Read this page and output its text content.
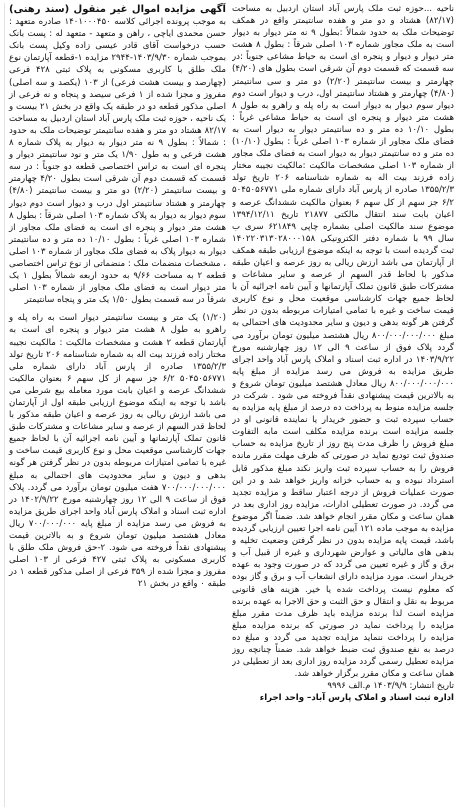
آگهی مزایده اموال غیر منقول (سند رهنی) به موجب پرونده اجرائی کلاسه ۱۴۰۱۰۰۰۴۵۰ صادره متعهد : حسن محمدی ایاچی ، راهن و متعهد - متعهد له : پست بانک حسب درخواست آقای قادر عیسی زاده وکیل پست بانک بموجب شماره ۱۴۰۳/۹/۳۰-۲۹۴۴ مزایده ۱-قطعه آپارتمان نوع ملک طلق با کاربری مسکونی به پلاک ثبتی ۴۲۸ فرعی (چهارصد و بیست هشت فرعی) از ۱۰۳ (یکصد و سه اصلی) مفروز و مجزا شده از ۱ فرعی سیصد و پنجاه و نه فرعی از اصلی مذکور قطعه دو در طبقه یک واقع در بخش ۲۱ بیست و یک ناحیه ، حوزه ثبت ملک پارس آباد استان اردبیل به مساحت ۸۲/۱۷ هشتاد دو متر و هفده سانتیمتر توضیحات ملک به حدود : شمالاً : بطول ۹ نه متر دیوار به دیوار به پلاک شماره ۸ هشت فرعی و به طول ۱/۹۰ یک متر و نود سانتیمتر دیوار و پنجره ای است به تراس اختصاصی قطعه دو جنوباً : در سه قسمت که قسمت دوم آن شرقی است بطول ۴/۲۰ چهارمتر و بیست سانتیمتر (۲/۲۰) دو متر و بیست سانتیمتر (۴/۸۰) چهارمتر و هشتاد سانتیمتر اول درب و دیوار است دوم دیوار سوم دیوار به دیوار به پلاک شماره ۱۰۳ اصلی شرقاً : بطول ۸ هشت متر دیوار و پنجره ای است به فضای ملک مجاور از شماره ۱۰۳ اصلی غرباً : بطول ۱۰/۱۰ ده متر و ده سانتیمتر دیوار به دیوار پلاک به فضای ملک مجاور از شماره ۱۰۳ اصلی ، مشخصات منضمات ملک : منضماتی از نوع تراس اختصاصی قطعه ۲ به مساحت ۹/۶۶ به حدود اربعه شمالاً بطول ۱ یک متر دیوار است به فضای ملک مجاور از شماره ۱۰۳ اصلی شرقاً در سه قسمت بطول ۱/۵۰ یک متر و پنجاه سانتیمتر

(۱/۲۰) یک متر و بیست سانتیمتر دیوار است به راه پله و راهرو به طول ۸ هشت متر دیوار و پنجره ای است به آپارتمان قطعه ۲ هشت و مشخصات مالکیت : مالکیت نجیبه مختار زاده فرزند بیت اله به شماره شناسنامه ۲۰۶ تاریخ تولد ۱۳۵۵/۲/۳ صادره از پارس آباد دارای شماره ملی ۵۰۴۵۰۵۶۷۷۱ ۶/۲ جز سهم از کل سهم ۶ بعنوان مالکیت ششدانگ عرصه و اعیان بابت مورد معامله بیع شرطی می باشد با توجه به اینکه موضوع ارزیابی طبقه اول از آپارتمان می باشد ارزش ریالی به روز عرصه و اعیان طبقه مذکور با لحاظ قدر السهم از عرصه و سایر مشاعات و مشترکات طبق قانون تملک آپارتمانها و آیین نامه اجرائیه آن با لحاظ جمیع جهات کارشناسی موقعیت محل و نوع کاربری قیمت ساخت و غیره با تمامی امتیازات مربوطه بدون در نظر گرفتن هر گونه بدهی و دیون و سایر محدودیت های احتمالی به مبلغ ۷۰۰/۰۰۰/۰۰۰/۰۰۰ هفت میلیون تومان برآورد می گردد. پلاک فوق از ساعت ۹ الی ۱۲ روز چهارشنبه مورخ ۱۴۰۲/۹/۲۲ در اداره ثبت اسناد و املاک پارس آباد واحد اجرای طریق مزایده به فروش می رسد مزایده از مبلغ پایه ۷۰۰/۰۰۰/۰۰۰ ریال معادل هشتصد میلیون تومان شروع و به بالاترین قیمت پیشنهادی نقداً فروخته می شود. ۲-حق فروش ملک طلق با کاربری مسکونی به پلاک ثبتی ۴۲۷ فرعی از ۱۰۳ اصلی مفروز و مجزا شده از ۳۵۹ فرعی از اصلی مذکور قطعه ۱ در طبقه ۰ واقع در بخش ۲۱

ناحیه ...حوزه ثبت ملک پارس آباد استان اردبیل به مساحت (۸۲/۱۷) هشتاد و دو متر و هفده سانتیمتر واقع در همکف توضیحات ملک به حدود شمالاً :بطول ۹ نه متر دیوار به دیوار است به ملک مجاور شماره ۱۰۳ اصلی شرقاً : بطول ۸ هشت متر دیوار و دیوار و پنجره ای است به حیاط مشاعی جنوباً :در سه قسمت که قسمت دوم آن شرقی است بطول های (۴/۲۰) چهارمتر و بیست سانتیمتر (۲/۲۰) دو متر و سی سانتیمتر (۴/۸۰) چهارمتر و هشتاد سانتیمتر اول، درب و دیوار است دوم دیوار سوم دیوار به دیوار است به راه پله و راهرو به طول ۸ هشت متر دیوار و پنجره ای است به حیاط مشاعی غرباً : بطول ۱۰/۱۰ ده متر و ده سانتیمتر دیوار به دیوار است به فضای ملک مجاور از شماره ۱۰۳ اصلی غرباً : بطول (۱۰/۱۰) ده متر و ده سانتیمتر دیوار به دیوار است به فضای ملک مجاور از شماره ۱۰۳ اصلی مشخصات مالکیت :مالکیت نجیبه مختار زاده فرزند بیت اله به شماره شناسنامه ۲۰۶ تاریخ تولد ۱۳۵۵/۲/۳ صادره از پارس آباد دارای شماره ملی ۵۰۴۵۰۵۶۷۷۱ ۶/۲ جز سهم از کل سهم ۶ بعنوان مالکیت ششدانگ عرصه و اعیان بابت سند انتقال مالکتی ۲۱۸۷۷ تاریخ ۱۳۹۴/۱۲/۱۱ موضوع سند مالکیت اصلی بشماره چاپی ۶۲۱۸۴۹ سری ب سال ۹۹ با شماره دفتر الکترونیکی ۱۴۰۲۲۰۳۱۳۰۲۸۰۰۰۱۵۸ ثبت گردیده است با توجه به اینکه موضوع ارزیابی طبقه همکف از آپارتمان می باشد ارزش ریالی به روز عرصه و اعیان طبقه مذکور با لحاظ قدر السهم از عرصه و سایر مشاعات و مشترکات طبق قانون تملک آپارتمانها و آیین نامه اجرائیه آن با لحاظ جمیع جهات کارشناسی موقعیت محل و نوع کاربری قیمت ساخت و غیره با تمامی امتیازات مربوطه بدون در نظر گرفتن هر گونه بدهی و دیون و سایر محدودیت های احتمالی به مبلغ ۸۰۰/۰۰۰/۰۰۰/۰۰۰ ریال هشتصد میلیون تومان برآورد می گردد پلاک فوق از ساعت ۹ الی ۱۲ روز چهارشنبه مورخ ۱۴۰۳/۹/۲۲ در اداره ثبت اسناد و املاک پارس آباد واحد اجرای طریق مزایده به فروش می رسد مزایده از مبلغ پایه ۸۰۰/۰۰۰/۰۰۰/۰۰۰ ریال معادل هشتصد میلیون تومان شروع و به بالاترین قیمت پیشنهادی نقداً فروخته می شود . شرکت در جلسه مزایده منوط به پرداخت ده درصد از مبلغ پایه مزایده به حساب سپرده ثبت و حضور خریدار یا نماینده قانونی او در جلسه مزایده است برنده مزایده مکلف است مابه التفاوت مبلغ فروش را ظرف مدت پنج روز از تاریخ مزایده به حساب صندوق ثبت تودیع نماید در صورتی که ظرف مهلت مقرر مانده فروش را به حساب سپرده ثبت واریز نکند مبلغ مذکور قابل استرداد نبوده و به حساب خزانه واریز خواهد شد و در این صورت عملیات فروش از درجه اعتبار ساقط و مزایده تجدید می گردد. در صورت تعطیلی ادارات، مزایده روز اداری بعد در همان ساعت و مکان مقرر انجام خواهد شد. ضمناً اگر موضوع مزایده به موجب ماده ۱۲۱ آیین نامه اجرا تعیین ارزیابی گردیده باشد، قیمت پایه مزایده بدون در نظر گرفتن وضعیت تخلیه و بدهی های مالیاتی و عوارض شهرداری و غیره از قبیل آب و برق و گاز و غیره تعیین می گردد که در صورت وجود به عهده خریدار است. مورد مزایده دارای انشعاب آب و برق و گاز بوده که معلوم نیست پرداخت شده یا خیر. هزینه های قانونی مربوط به نقل و انتقال و حق الثبت و حق الاجرا به عهده برنده مزایده است لذا برنده مزایده باید ظرف مدت مقرر مبلغ مزایده را پرداخت نماید در صورتی که برنده مزایده مبلغ مزایده را پرداخت ننماید مزایده تجدید می گردد و مبلغ ده درصد به نفع صندوق ثبت ضبط خواهد شد. ضمناً چنانچه روز مزایده تعطیل رسمی گردد مزایده روز اداری بعد از تعطیلی در همان ساعت و مکان مقرر برگزار خواهد شد.

تاریخ انتشار: ۱۴۰۳/۹/۹ م.الف ۹۹۹۶

اداره ثبت اسناد و املاک پارس آباد– واحد اجراء
